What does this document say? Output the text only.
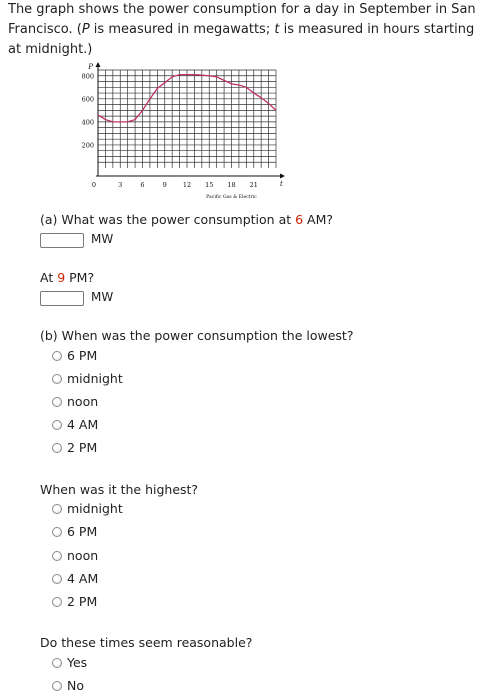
The graph shows the power consumption for a day in September in San Francisco. (P is measured in megawatts; t is measured in hours starting at midnight.)
P
t
200
400
600
800
0	3	6	9 12 15 18 21
Pacific Gas & Electric
(a) What was the power consumption at 6 AM?
MW
At 9 PM?
MW
(b) When was the power consumption the lowest?
6 PM
midnight
noon
4 AM
2 PM
When was it the highest?
midnight
6 PM
noon
4 AM
2 PM
Do these times seem reasonable?
Yes
No
